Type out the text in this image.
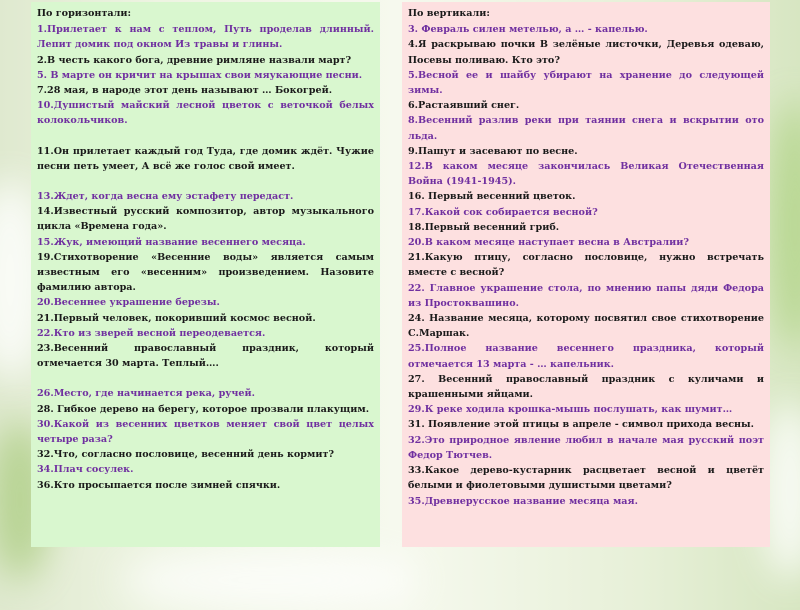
По горизонтали:
1.Прилетает к нам с теплом, Путь проделав длинный. Лепит домик под окном Из травы и глины.
2.В честь какого бога, древние римляне назвали март?
5. В марте он кричит на крышах свои мяукающие песни.
7.28 мая, в народе этот день называют … Бокогрей.
10.Душистый майский лесной цветок с веточкой белых колокольчиков.
11.Он прилетает каждый год Туда, где домик ждёт. Чужие песни петь умеет, А всё же голос свой имеет.
13.Ждет, когда весна ему эстафету передаст.
14.Известный русский композитор, автор музыкального цикла «Времена года».
15.Жук, имеющий название весеннего месяца.
19.Стихотворение «Весенние воды» является самым известным его «весенним» произведением. Назовите фамилию автора.
20.Весеннее украшение березы.
21.Первый человек, покоривший космос весной.
22.Кто из зверей весной переодевается.
23.Весенний православный праздник, который отмечается 30 марта. Теплый….
26.Место, где начинается река, ручей.
28. Гибкое дерево на берегу, которое прозвали плакущим.
30.Какой из весенних цветков меняет свой цвет целых четыре раза?
32.Что, согласно пословице, весенний день кормит?
34.Плач сосулек.
36.Кто просыпается после зимней спячки.
По вертикали:
3. Февраль силен метелью, а … - капелью.
4.Я раскрываю почки В зелёные листочки, Деревья одеваю, Посевы поливаю. Кто это?
5.Весной ее и шайбу убирают на хранение до следующей зимы.
6.Растаявший снег.
8.Весенний разлив реки при таянии снега и вскрытии ото льда.
9.Пашут и засевают по весне.
12.В каком месяце закончилась Великая Отечественная Война (1941-1945).
16. Первый весенний цветок.
17.Какой сок собирается весной?
18.Первый весенний гриб.
20.В каком месяце наступает весна в Австралии?
21.Какую птицу, согласно пословице, нужно встречать вместе с весной?
22. Главное украшение стола, по мнению папы дяди Федора из Простоквашино.
24. Название месяца, которому посвятил свое стихотворение С.Маршак.
25.Полное название весеннего праздника, который отмечается 13 марта - … капельник.
27. Весенний православный праздник с куличами и крашенными яйцами.
29.К реке ходила крошка-мышь послушать, как шумит…
31. Появление этой птицы в апреле - символ прихода весны.
32.Это природное явление любил в начале мая русский поэт Федор Тютчев.
33.Какое дерево-кустарник расцветает весной и цветёт белыми и фиолетовыми душистыми цветами?
35.Древнерусское название месяца мая.
